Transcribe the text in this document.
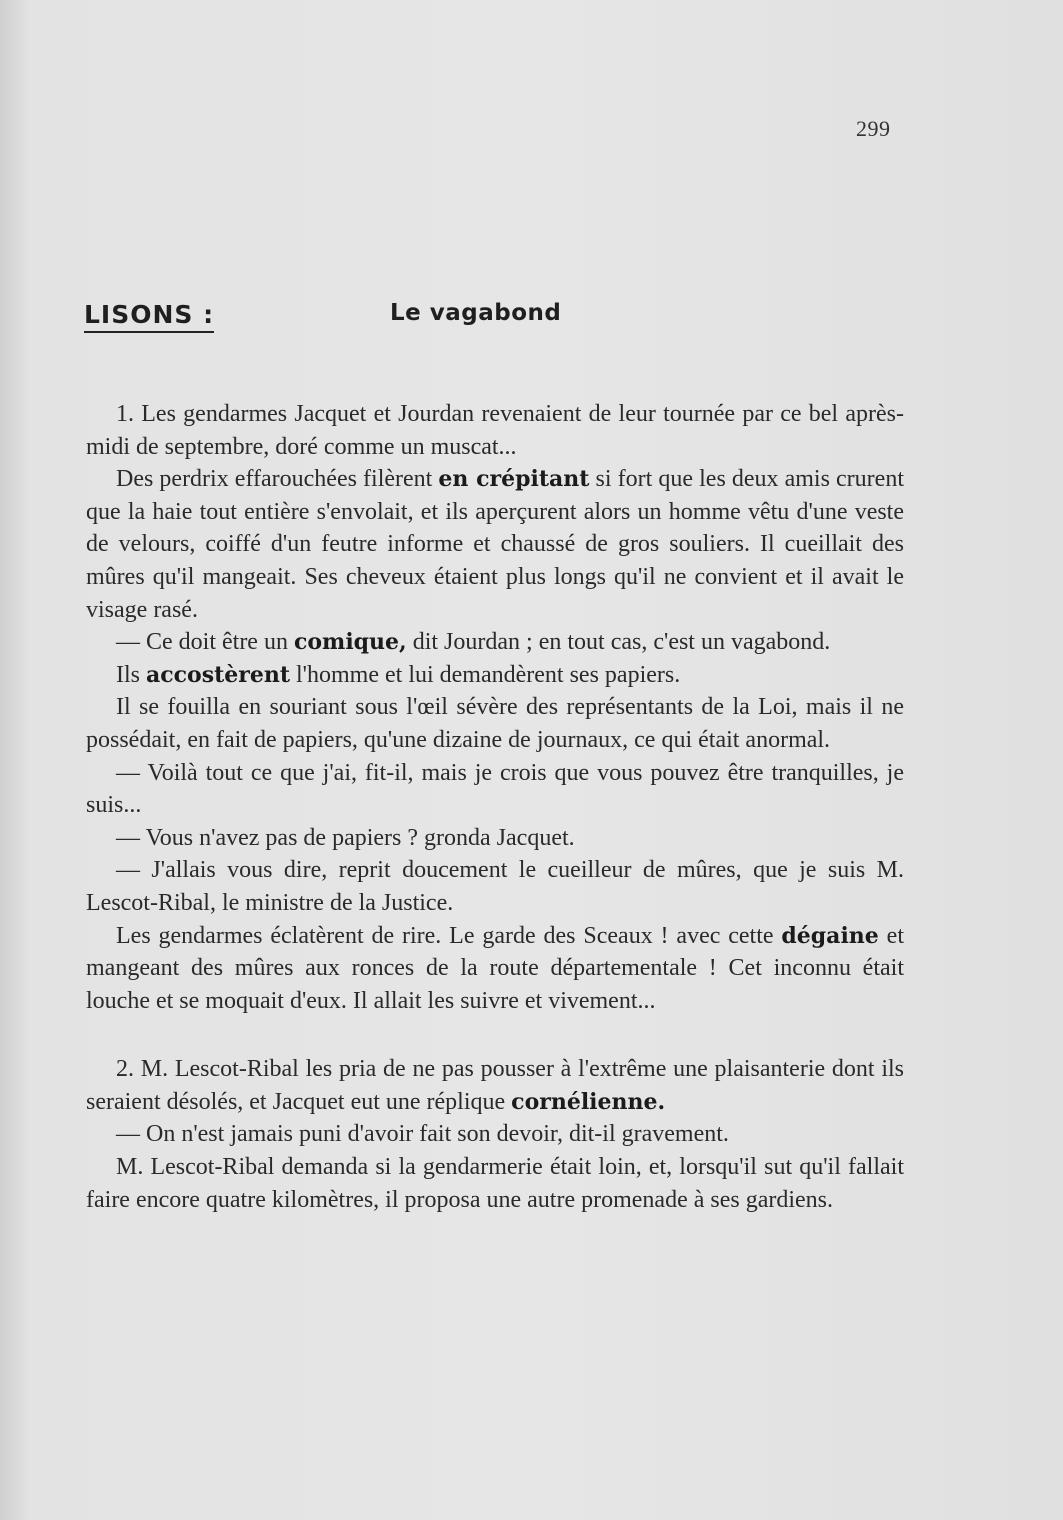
299
LISONS :	Le vagabond

1. Les gendarmes Jacquet et Jourdan revenaient de leur tournée par ce bel après-midi de septembre, doré comme un muscat...

Des perdrix effarouchées filèrent en crépitant si fort que les deux amis crurent que la haie tout entière s'envolait, et ils aperçurent alors un homme vêtu d'une veste de velours, coiffé d'un feutre informe et chaussé de gros souliers. Il cueillait des mûres qu'il mangeait. Ses cheveux étaient plus longs qu'il ne convient et il avait le visage rasé.

— Ce doit être un comique, dit Jourdan ; en tout cas, c'est un vagabond.

Ils accostèrent l'homme et lui demandèrent ses papiers.

Il se fouilla en souriant sous l'œil sévère des représentants de la Loi, mais il ne possédait, en fait de papiers, qu'une dizaine de journaux, ce qui était anormal.

— Voilà tout ce que j'ai, fit-il, mais je crois que vous pouvez être tranquilles, je suis...

— Vous n'avez pas de papiers ? gronda Jacquet.

— J'allais vous dire, reprit doucement le cueilleur de mûres, que je suis M. Lescot-Ribal, le ministre de la Justice.

Les gendarmes éclatèrent de rire. Le garde des Sceaux ! avec cette dégaine et mangeant des mûres aux ronces de la route départementale ! Cet inconnu était louche et se moquait d'eux. Il allait les suivre et vivement...

2. M. Lescot-Ribal les pria de ne pas pousser à l'extrême une plaisanterie dont ils seraient désolés, et Jacquet eut une réplique cornélienne.

— On n'est jamais puni d'avoir fait son devoir, dit-il gravement.

M. Lescot-Ribal demanda si la gendarmerie était loin, et, lorsqu'il sut qu'il fallait faire encore quatre kilomètres, il proposa une autre promenade à ses gardiens.
